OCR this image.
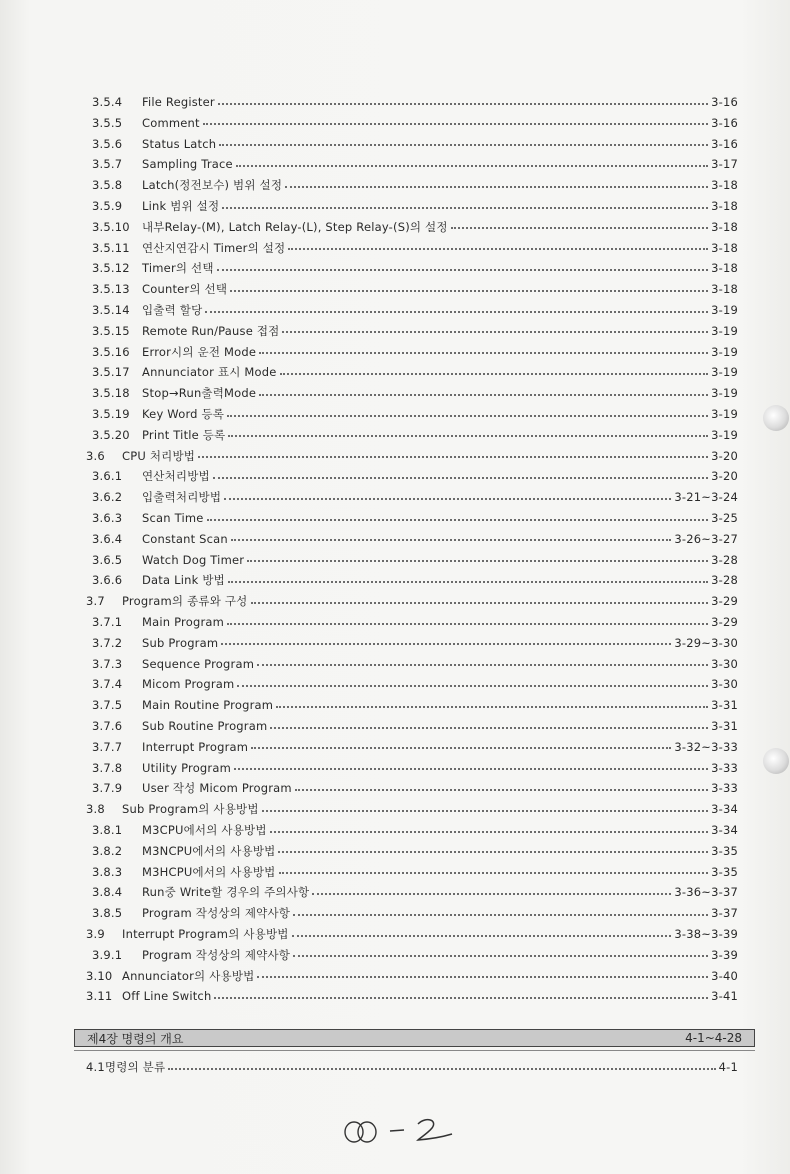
3.5.4	File Register	3-16
3.5.5	Comment	3-16
3.5.6	Status Latch	3-16
3.5.7	Sampling Trace	3-17
3.5.8	Latch(정전보수) 범위 설정	3-18
3.5.9	Link 범위 설정	3-18
3.5.10	내부Relay-(M), Latch Relay-(L), Step Relay-(S)의 설정	3-18
3.5.11	연산지연감시 Timer의 설정	3-18
3.5.12	Timer의 선택	3-18
3.5.13	Counter의 선택	3-18
3.5.14	입출력 할당	3-19
3.5.15	Remote Run/Pause 접점	3-19
3.5.16	Error시의 운전 Mode	3-19
3.5.17	Annunciator 표시 Mode	3-19
3.5.18	Stop→Run출력Mode	3-19
3.5.19	Key Word 등록	3-19
3.5.20	Print Title 등록	3-19
3.6	CPU 처리방법	3-20
3.6.1	연산처리방법	3-20
3.6.2	입출력처리방법	3-21~3-24
3.6.3	Scan Time	3-25
3.6.4	Constant Scan	3-26~3-27
3.6.5	Watch Dog Timer	3-28
3.6.6	Data Link 방법	3-28
3.7	Program의 종류와 구성	3-29
3.7.1	Main Program	3-29
3.7.2	Sub Program	3-29~3-30
3.7.3	Sequence Program	3-30
3.7.4	Micom Program	3-30
3.7.5	Main Routine Program	3-31
3.7.6	Sub Routine Program	3-31
3.7.7	Interrupt Program	3-32~3-33
3.7.8	Utility Program	3-33
3.7.9	User 작성 Micom Program	3-33
3.8	Sub Program의 사용방법	3-34
3.8.1	M3CPU에서의 사용방법	3-34
3.8.2	M3NCPU에서의 사용방법	3-35
3.8.3	M3HCPU에서의 사용방법	3-35
3.8.4	Run중 Write할 경우의 주의사항	3-36~3-37
3.8.5	Program 작성상의 제약사항	3-37
3.9	Interrupt Program의 사용방법	3-38~3-39
3.9.1	Program 작성상의 제약사항	3-39
3.10 Annunciator의 사용방법	3-40
3.11 Off Line Switch	3-41
제4장 명령의 개요	4-1~4-28
4.1 명령의 분류	4-1
